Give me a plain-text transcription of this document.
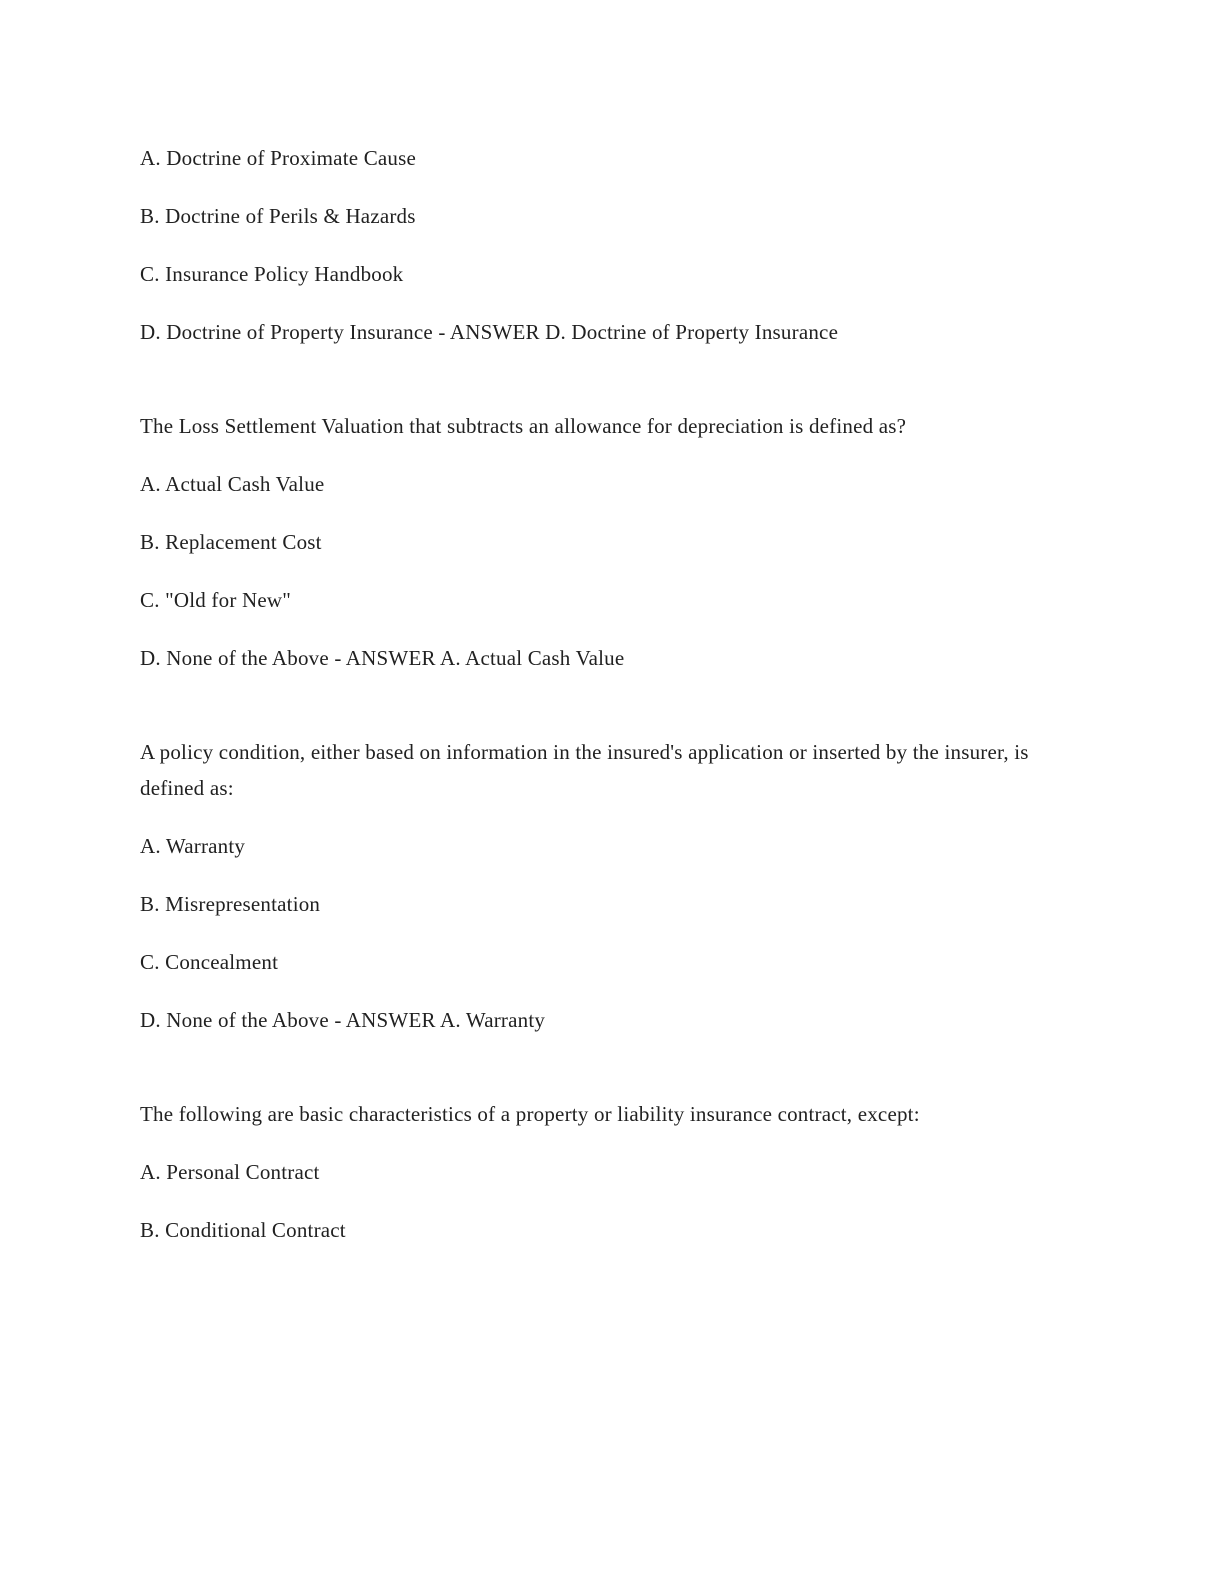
A. Doctrine of Proximate Cause

B. Doctrine of Perils & Hazards

C. Insurance Policy Handbook

D. Doctrine of Property Insurance - ANSWER D. Doctrine of Property Insurance

The Loss Settlement Valuation that subtracts an allowance for depreciation is defined as?

A. Actual Cash Value

B. Replacement Cost

C. "Old for New"

D. None of the Above - ANSWER A. Actual Cash Value

A policy condition, either based on information in the insured's application or inserted by the insurer, is defined as:

A. Warranty

B. Misrepresentation

C. Concealment

D. None of the Above - ANSWER A. Warranty

The following are basic characteristics of a property or liability insurance contract, except:

A. Personal Contract

B. Conditional Contract
